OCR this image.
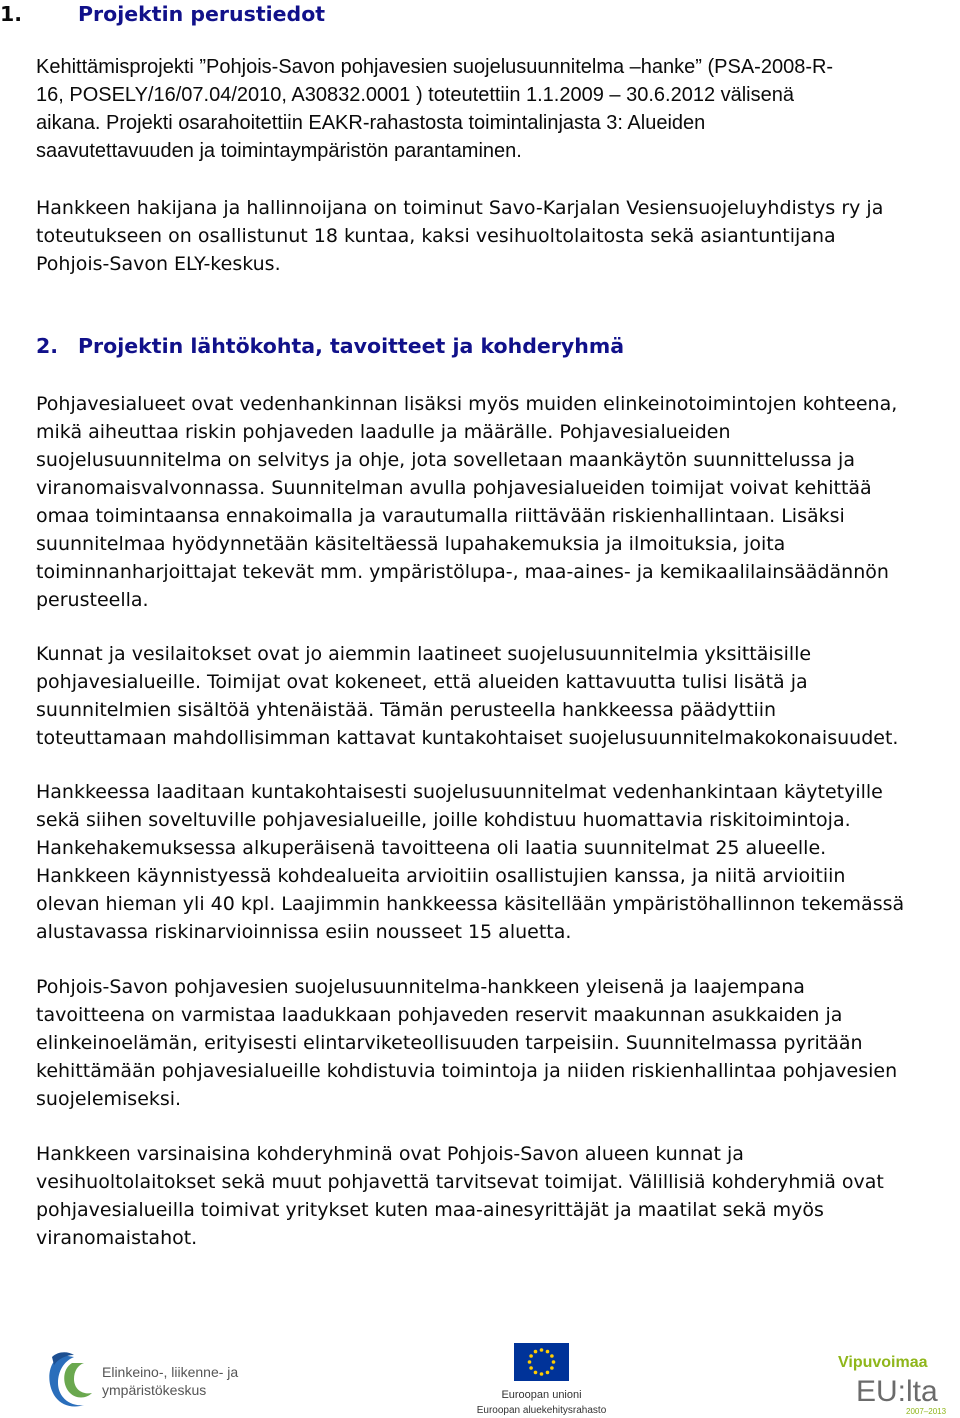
1.	Projektin perustiedot
Kehittämisprojekti ”Pohjois-Savon pohjavesien suojelusuunnitelma –hanke” (PSA-2008-R-
16, POSELY/16/07.04/2010, A30832.0001 ) toteutettiin 1.1.2009 – 30.6.2012 välisenä
aikana. Projekti osarahoitettiin EAKR-rahastosta toimintalinjasta 3: Alueiden
saavutettavuuden ja toimintaympäristön parantaminen.
Hankkeen hakijana ja hallinnoijana on toiminut Savo-Karjalan Vesiensuojeluyhdistys ry ja
toteutukseen on osallistunut 18 kuntaa, kaksi vesihuoltolaitosta sekä asiantuntijana
Pohjois-Savon ELY-keskus.
2. Projektin lähtökohta, tavoitteet ja kohderyhmä
Pohjavesialueet ovat vedenhankinnan lisäksi myös muiden elinkeinotoimintojen kohteena,
mikä aiheuttaa riskin pohjaveden laadulle ja määrälle. Pohjavesialueiden
suojelusuunnitelma on selvitys ja ohje, jota sovelletaan maankäytön suunnittelussa ja
viranomaisvalvonnassa. Suunnitelman avulla pohjavesialueiden toimijat voivat kehittää
omaa toimintaansa ennakoimalla ja varautumalla riittävään riskienhallintaan. Lisäksi
suunnitelmaa hyödynnetään käsiteltäessä lupahakemuksia ja ilmoituksia, joita
toiminnanharjoittajat tekevät mm. ympäristölupa-, maa-aines- ja kemikaalilainsäädännön
perusteella.
Kunnat ja vesilaitokset ovat jo aiemmin laatineet suojelusuunnitelmia yksittäisille
pohjavesialueille. Toimijat ovat kokeneet, että alueiden kattavuutta tulisi lisätä ja
suunnitelmien sisältöä yhtenäistää. Tämän perusteella hankkeessa päädyttiin
toteuttamaan mahdollisimman kattavat kuntakohtaiset suojelusuunnitelmakokonaisuudet.
Hankkeessa laaditaan kuntakohtaisesti suojelusuunnitelmat vedenhankintaan käytetyille
sekä siihen soveltuville pohjavesialueille, joille kohdistuu huomattavia riskitoimintoja.
Hankehakemuksessa alkuperäisenä tavoitteena oli laatia suunnitelmat 25 alueelle.
Hankkeen käynnistyessä kohdealueita arvioitiin osallistujien kanssa, ja niitä arvioitiin
olevan hieman yli 40 kpl. Laajimmin hankkeessa käsitellään ympäristöhallinnon tekemässä
alustavassa riskinarvioinnissa esiin nousseet 15 aluetta.
Pohjois-Savon pohjavesien suojelusuunnitelma-hankkeen yleisenä ja laajempana
tavoitteena on varmistaa laadukkaan pohjaveden reservit maakunnan asukkaiden ja
elinkeinoelämän, erityisesti elintarviketeollisuuden tarpeisiin. Suunnitelmassa pyritään
kehittämään pohjavesialueille kohdistuvia toimintoja ja niiden riskienhallintaa pohjavesien
suojelemiseksi.
Hankkeen varsinaisina kohderyhminä ovat Pohjois-Savon alueen kunnat ja
vesihuoltolaitokset sekä muut pohjavettä tarvitsevat toimijat. Välillisiä kohderyhmiä ovat
pohjavesialueilla toimivat yritykset kuten maa-ainesyrittäjät ja maatilat sekä myös
viranomaistahot.
Elinkeino-, liikenne- ja
ympäristökeskus	Euroopan unioni
Euroopan aluekehitysrahasto
Vipuvoimaa
EU:lta
2007–2013
